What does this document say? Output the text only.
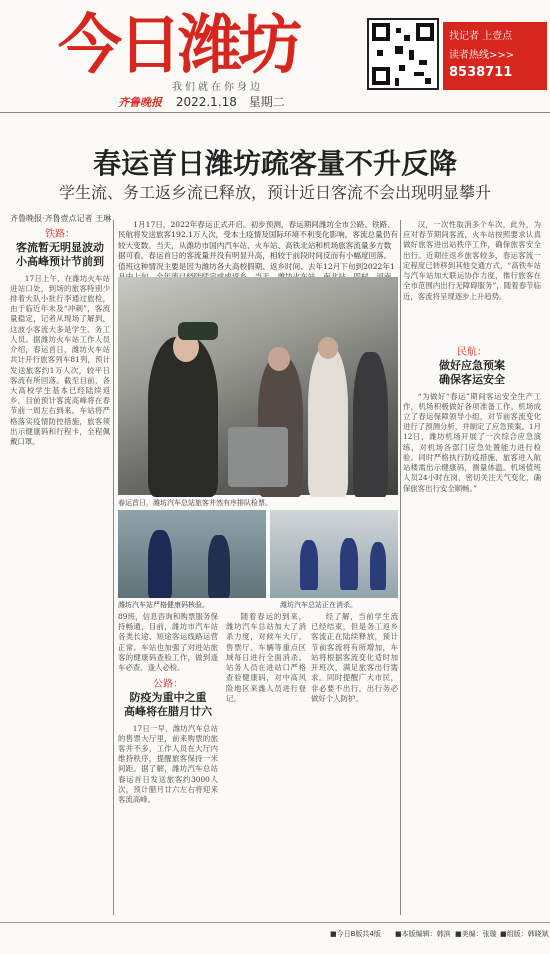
今日潍坊
我们就在你身边
找记者 上壹点
读者热线>>>
8538711
齐鲁晚报 2022.1.18 星期二
春运首日潍坊疏客量不升反降
学生流、务工返乡流已释放，预计近日客流不会出现明显攀升
齐鲁晚报·齐鲁壹点记者 王琳
铁路：
客流暂无明显波动
小高峰预计节前到
17日上午，在潍坊火车站进站口处，到场的旅客特别少排着大队小批行李通过旅检，由于临近年末及“冲刺”，客流量稳定，记者从现场了解到，这波小客流大多是学生、务工人员。据潍坊火车站工作人员介绍，春运首日，潍坊火车站共计开行旅客列车81列，预计发送旅客约1万人次，较平日客流有所回落。截至目前，各大高校学生基本已经陆续返乡，目前预计客流高峰将在春节前一周左右到来。车站将严格落实疫情防控措施，旅客须出示健康码和行程卡，全程佩戴口罩。
1月17日，2022年春运正式开启。初步预测，春运期间潍坊全市公路、铁路、民航将发送旅客192.1万人次，受本土疫情及国际环境不利变化影响，客流总量仍有较大变数。当天，从潍坊市国内汽车站、火车站、高铁北站和机场旅客流量多方数据可看，春运首日的客流量并没有明显升高，相较于前段时间反而有小幅度回落。值班这种情况主要是因为潍坊各大高校假期、返乡时间、去年12月下旬到2022年1
春运首日，潍坊汽车总站旅客井然有序排队检票。
潍坊汽车站严格健康码核验。	潍坊汽车总站正在消杀。
汉，一次性取消多个车次，此外，为应对春节期间客流，火车站按照要求认真做好旅客进出站秩序工作，确保旅客安全出行。近期往返乡旅客较多，春运客流一定程度已转移到其他交通方式，“高铁车站与汽车站加大联运协作力度，推行旅客在全市范围内出行无障碍服务”，随着春节临近，客流将呈现逐步上升趋势。
民航：
做好应急预案
确保客运安全
“为做好“春运”期间客运安全生产工作，机场积极做好各项准备工作。机场成立了春运保障领导小组，对节前客流变化进行了预测分析，并制定了应急预案。1月12日，潍坊机场开展了一次综合应急演练，对机场各部门应急处置能力进行检验。同时严格执行防疫措施，旅客进入航站楼需出示健康码，测量体温。机场值班人员24小时在岗，密切关注天气变化，确保旅客出行安全顺畅。”
89班，信息咨询和购票服务保持畅通，目前，潍坊市汽车站各类长途、短途客运线路运营正常。车站也加强了对进站旅客的健康码查验工作，做到逢车必查、逢人必检。
公路：
防疫为重中之重
高峰将在腊月廿六
17日一早，潍坊汽车总站的售票大厅里，前来购票的旅客并不多，工作人员在大厅内维持秩序，提醒旅客保持一米间距。据了解，潍坊汽车总站春运首日发送旅客约3000人次，预计腊月廿六左右将迎来客流高峰。
随着春运的到来，潍坊汽车总站加大了消杀力度，对候车大厅、售票厅、车辆等重点区域每日进行全面消杀。站务人员在进站口严格查验健康码，对中高风险地区来潍人员进行登记。
经了解，当前学生流已经结束，但是务工返乡客流正在陆续释放，预计节前客流将有所增加，车站将根据客流变化适时加开班次，满足旅客出行需求。同时提醒广大市民，非必要不出行，出行务必做好个人防护。
■今日B版共4版 ■本版编辑：韩滨 ■美编：张璇 ■组版：韩晓斌
